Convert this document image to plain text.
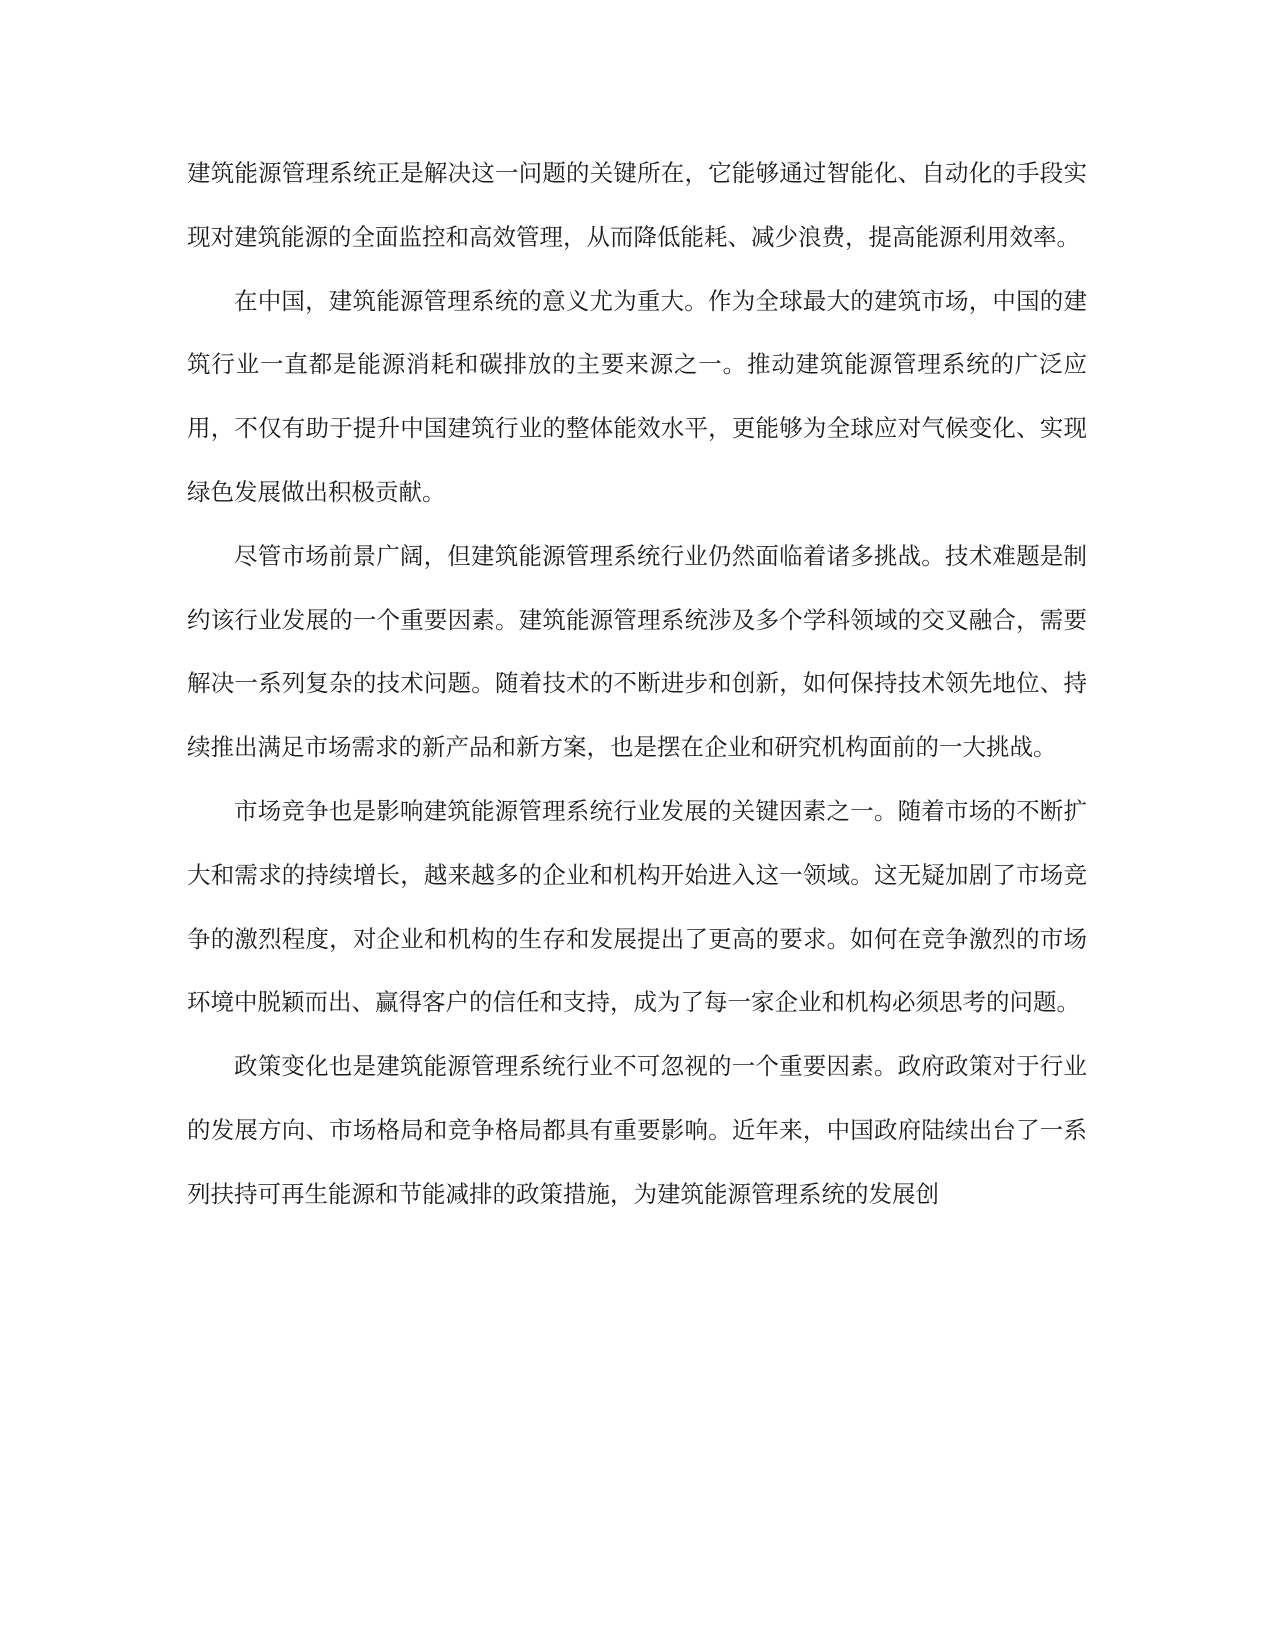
建筑能源管理系统正是解决这一问题的关键所在，它能够通过智能化、自动化的手段实现对建筑能源的全面监控和高效管理，从而降低能耗、减少浪费，提高能源利用效率。

在中国，建筑能源管理系统的意义尤为重大。作为全球最大的建筑市场，中国的建筑行业一直都是能源消耗和碳排放的主要来源之一。推动建筑能源管理系统的广泛应用，不仅有助于提升中国建筑行业的整体能效水平，更能够为全球应对气候变化、实现绿色发展做出积极贡献。

尽管市场前景广阔，但建筑能源管理系统行业仍然面临着诸多挑战。技术难题是制约该行业发展的一个重要因素。建筑能源管理系统涉及多个学科领域的交叉融合，需要解决一系列复杂的技术问题。随着技术的不断进步和创新，如何保持技术领先地位、持续推出满足市场需求的新产品和新方案，也是摆在企业和研究机构面前的一大挑战。

市场竞争也是影响建筑能源管理系统行业发展的关键因素之一。随着市场的不断扩大和需求的持续增长，越来越多的企业和机构开始进入这一领域。这无疑加剧了市场竞争的激烈程度，对企业和机构的生存和发展提出了更高的要求。如何在竞争激烈的市场环境中脱颖而出、赢得客户的信任和支持，成为了每一家企业和机构必须思考的问题。

政策变化也是建筑能源管理系统行业不可忽视的一个重要因素。政府政策对于行业的发展方向、市场格局和竞争格局都具有重要影响。近年来，中国政府陆续出台了一系列扶持可再生能源和节能减排的政策措施，为建筑能源管理系统的发展创
